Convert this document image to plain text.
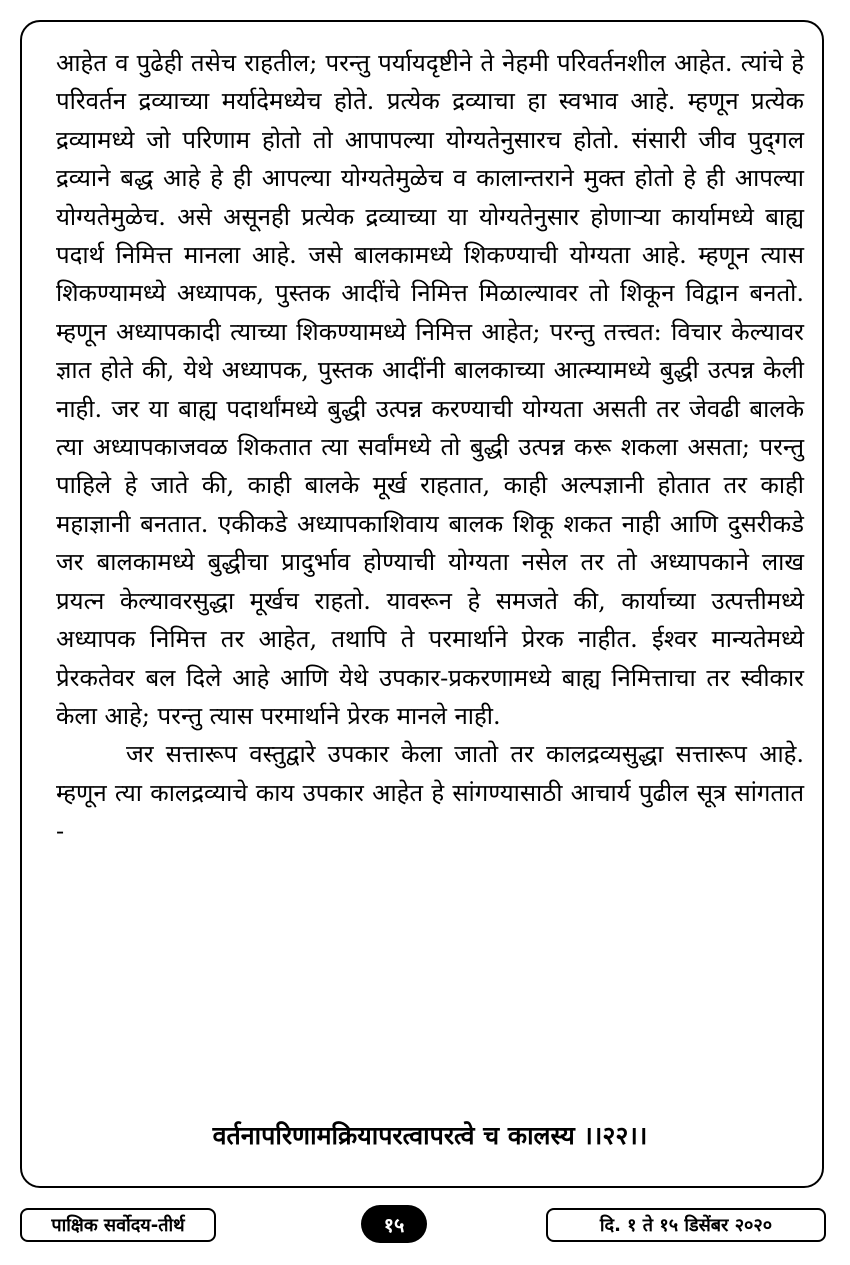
आहेत व पुढेही तसेच राहतील; परन्तु पर्यायदृष्टीने ते नेहमी परिवर्तनशील आहेत. त्यांचे हे परिवर्तन द्रव्याच्या मर्यादेमध्येच होते. प्रत्येक द्रव्याचा हा स्वभाव आहे. म्हणून प्रत्येक द्रव्यामध्ये जो परिणाम होतो तो आपापल्या योग्यतेनुसारच होतो. संसारी जीव पुद्‌गल द्रव्याने बद्ध आहे हे ही आपल्या योग्यतेमुळेच व कालान्तराने मुक्त होतो हे ही आपल्या योग्यतेमुळेच. असे असूनही प्रत्येक द्रव्याच्या या योग्यतेनुसार होणाऱ्या कार्यामध्ये बाह्य पदार्थ निमित्त मानला आहे. जसे बालकामध्ये शिकण्याची योग्यता आहे. म्हणून त्यास शिकण्यामध्ये अध्यापक, पुस्तक आदींचे निमित्त मिळाल्यावर तो शिकून विद्वान बनतो. म्हणून अध्यापकादी त्याच्या शिकण्यामध्ये निमित्त आहेत; परन्तु तत्त्वत: विचार केल्यावर ज्ञात होते की, येथे अध्यापक, पुस्तक आदींनी बालकाच्या आत्म्यामध्ये बुद्धी उत्पन्न केली नाही. जर या बाह्य पदार्थांमध्ये बुद्धी उत्पन्न करण्याची योग्यता असती तर जेवढी बालके त्या अध्यापकाजवळ शिकतात त्या सर्वांमध्ये तो बुद्धी उत्पन्न करू शकला असता; परन्तु पाहिले हे जाते की, काही बालके मूर्ख राहतात, काही अल्पज्ञानी होतात तर काही महाज्ञानी बनतात. एकीकडे अध्यापकाशिवाय बालक शिकू शकत नाही आणि दुसरीकडे जर बालकामध्ये बुद्धीचा प्रादुर्भाव होण्याची योग्यता नसेल तर तो अध्यापकाने लाख प्रयत्न केल्यावरसुद्धा मूर्खच राहतो. यावरून हे समजते की, कार्याच्या उत्पत्तीमध्ये अध्यापक निमित्त तर आहेत, तथापि ते परमार्थाने प्रेरक नाहीत. ईश्वर मान्यतेमध्ये प्रेरकतेवर बल दिले आहे आणि येथे उपकार-प्रकरणामध्ये बाह्य निमित्ताचा तर स्वीकार केला आहे; परन्तु त्यास परमार्थाने प्रेरक मानले नाही.

जर सत्तारूप वस्तुद्वारे उपकार केला जातो तर कालद्रव्यसुद्धा सत्तारूप आहे. म्हणून त्या कालद्रव्याचे काय उपकार आहेत हे सांगण्यासाठी आचार्य पुढील सूत्र सांगतात -

वर्तनापरिणामक्रियापरत्वापरत्वे च कालस्य ।।२२।।
पाक्षिक सर्वोदय-तीर्थ	१५	दि. १ ते १५ डिसेंबर २०२०
